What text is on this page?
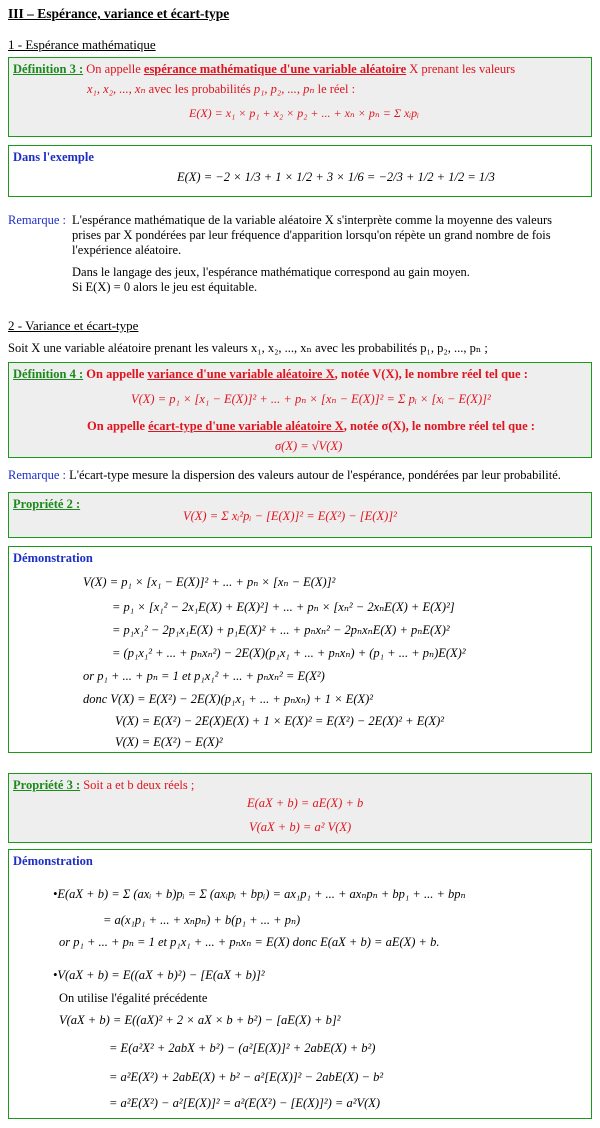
III – Espérance, variance et écart-type
1 - Espérance mathématique
Définition 3 : On appelle espérance mathématique d'une variable aléatoire X prenant les valeurs
x₁, x₂, ..., xₙ avec les probabilités p₁, p₂, ..., pₙ le réel :
E(X) = x₁ × p₁ + x₂ × p₂ + ... + xₙ × pₙ = Σ xᵢpᵢ
Dans l'exemple
E(X) = −2 × 1/3 + 1 × 1/2 + 3 × 1/6 = −2/3 + 1/2 + 1/2 = 1/3
Remarque : L'espérance mathématique de la variable aléatoire X s'interprète comme la moyenne des valeurs
prises par X pondérées par leur fréquence d'apparition lorsqu'on répète un grand nombre de fois
l'expérience aléatoire.
Dans le langage des jeux, l'espérance mathématique correspond au gain moyen.
Si E(X) = 0 alors le jeu est équitable.
2 - Variance et écart-type
Soit X une variable aléatoire prenant les valeurs x₁, x₂, ..., xₙ avec les probabilités p₁, p₂, ..., pₙ ;
Définition 4 : On appelle variance d'une variable aléatoire X, notée V(X), le nombre réel tel que :
V(X) = p₁ × [x₁ − E(X)]² + ... + pₙ × [xₙ − E(X)]² = Σ pᵢ × [xᵢ − E(X)]²
On appelle écart-type d'une variable aléatoire X, notée σ(X), le nombre réel tel que :
σ(X) = √V(X)
Remarque : L'écart-type mesure la dispersion des valeurs autour de l'espérance, pondérées par leur probabilité.
Propriété 2 :
V(X) = Σ xᵢ²pᵢ − [E(X)]² = E(X²) − [E(X)]²
Démonstration
V(X) = p₁ × [x₁ − E(X)]² + ... + pₙ × [xₙ − E(X)]²
= p₁ × [x₁² − 2x₁E(X) + E(X)²] + ... + pₙ × [xₙ² − 2xₙE(X) + E(X)²]
= p₁x₁² − 2p₁x₁E(X) + p₁E(X)² + ... + pₙxₙ² − 2pₙxₙE(X) + pₙE(X)²
= (p₁x₁² + ... + pₙxₙ²) − 2E(X)(p₁x₁ + ... + pₙxₙ) + (p₁ + ... + pₙ)E(X)²
or p₁ + ... + pₙ = 1 et p₁x₁² + ... + pₙxₙ² = E(X²)
donc V(X) = E(X²) − 2E(X)(p₁x₁ + ... + pₙxₙ) + 1 × E(X)²
V(X) = E(X²) − 2E(X)E(X) + 1 × E(X)² = E(X²) − 2E(X)² + E(X)²
V(X) = E(X²) − E(X)²
Propriété 3 : Soit a et b deux réels ;
E(aX + b) = aE(X) + b
V(aX + b) = a² V(X)
Démonstration
•E(aX + b) = Σ (axᵢ + b)pᵢ = Σ (axᵢpᵢ + bpᵢ) = ax₁p₁ + ... + axₙpₙ + bp₁ + ... + bpₙ
= a(x₁p₁ + ... + xₙpₙ) + b(p₁ + ... + pₙ)
or p₁ + ... + pₙ = 1 et p₁x₁ + ... + pₙxₙ = E(X) donc E(aX + b) = aE(X) + b.
•V(aX + b) = E((aX + b)²) − [E(aX + b)]²
On utilise l'égalité précédente
V(aX + b) = E((aX)² + 2 × aX × b + b²) − [aE(X) + b]²
= E(a²X² + 2abX + b²) − (a²[E(X)]² + 2abE(X) + b²)
= a²E(X²) + 2abE(X) + b² − a²[E(X)]² − 2abE(X) − b²
= a²E(X²) − a²[E(X)]² = a²(E(X²) − [E(X)]²) = a²V(X)
